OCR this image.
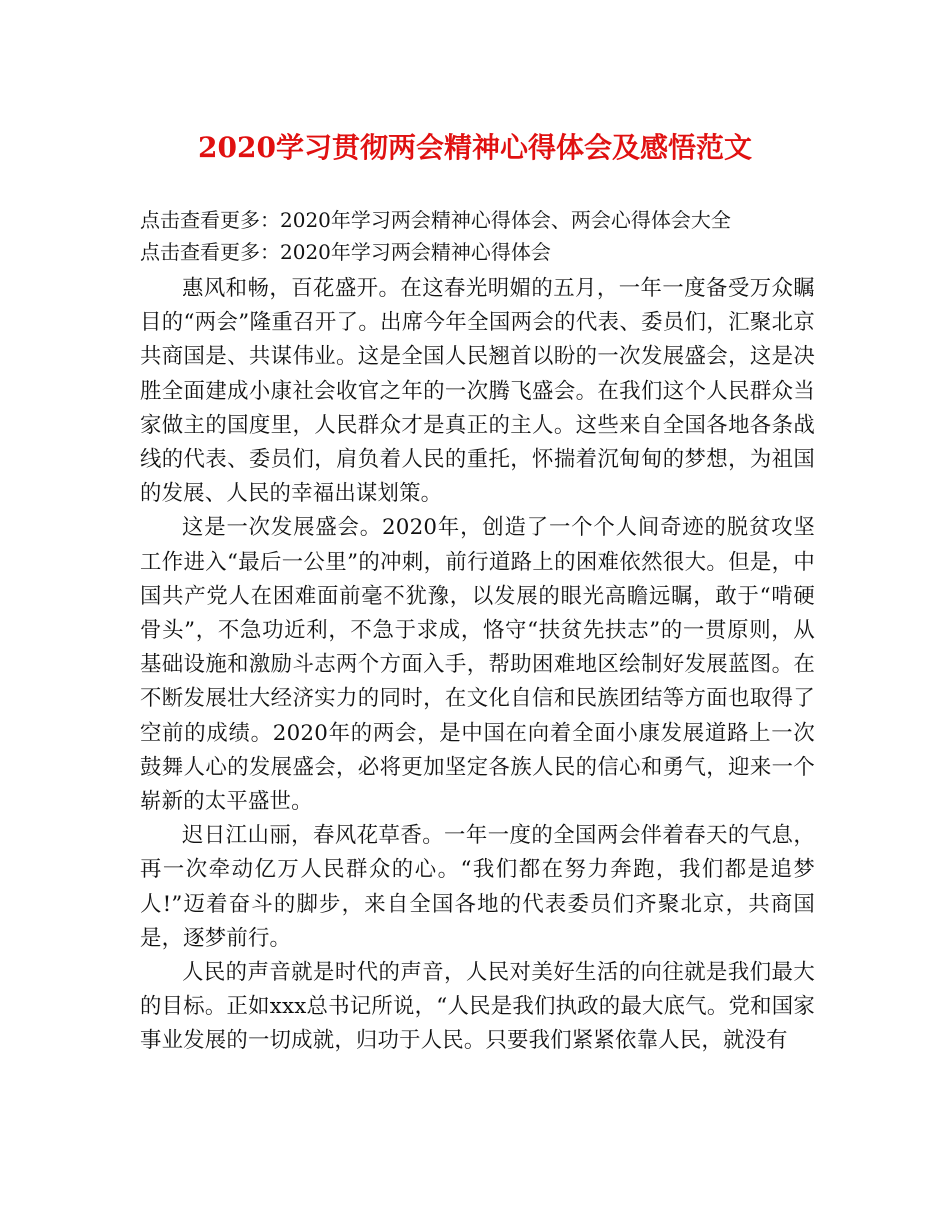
2020学习贯彻两会精神心得体会及感悟范文
点击查看更多：2020年学习两会精神心得体会、两会心得体会大全
点击查看更多：2020年学习两会精神心得体会

惠风和畅，百花盛开。在这春光明媚的五月，一年一度备受万众瞩目的“两会”隆重召开了。出席今年全国两会的代表、委员们，汇聚北京共商国是、共谋伟业。这是全国人民翘首以盼的一次发展盛会，这是决胜全面建成小康社会收官之年的一次腾飞盛会。在我们这个人民群众当家做主的国度里，人民群众才是真正的主人。这些来自全国各地各条战线的代表、委员们，肩负着人民的重托，怀揣着沉甸甸的梦想，为祖国的发展、人民的幸福出谋划策。

这是一次发展盛会。2020年，创造了一个个人间奇迹的脱贫攻坚工作进入“最后一公里”的冲刺，前行道路上的困难依然很大。但是，中国共产党人在困难面前毫不犹豫，以发展的眼光高瞻远瞩，敢于“啃硬骨头”，不急功近利，不急于求成，恪守“扶贫先扶志”的一贯原则，从基础设施和激励斗志两个方面入手，帮助困难地区绘制好发展蓝图。在不断发展壮大经济实力的同时，在文化自信和民族团结等方面也取得了空前的成绩。2020年的两会，是中国在向着全面小康发展道路上一次鼓舞人心的发展盛会，必将更加坚定各族人民的信心和勇气，迎来一个崭新的太平盛世。

迟日江山丽，春风花草香。一年一度的全国两会伴着春天的气息，再一次牵动亿万人民群众的心。“我们都在努力奔跑，我们都是追梦人!”迈着奋斗的脚步，来自全国各地的代表委员们齐聚北京，共商国是，逐梦前行。

人民的声音就是时代的声音，人民对美好生活的向往就是我们最大的目标。正如xxx总书记所说，“人民是我们执政的最大底气。党和国家事业发展的一切成就，归功于人民。只要我们紧紧依靠人民，就没有
